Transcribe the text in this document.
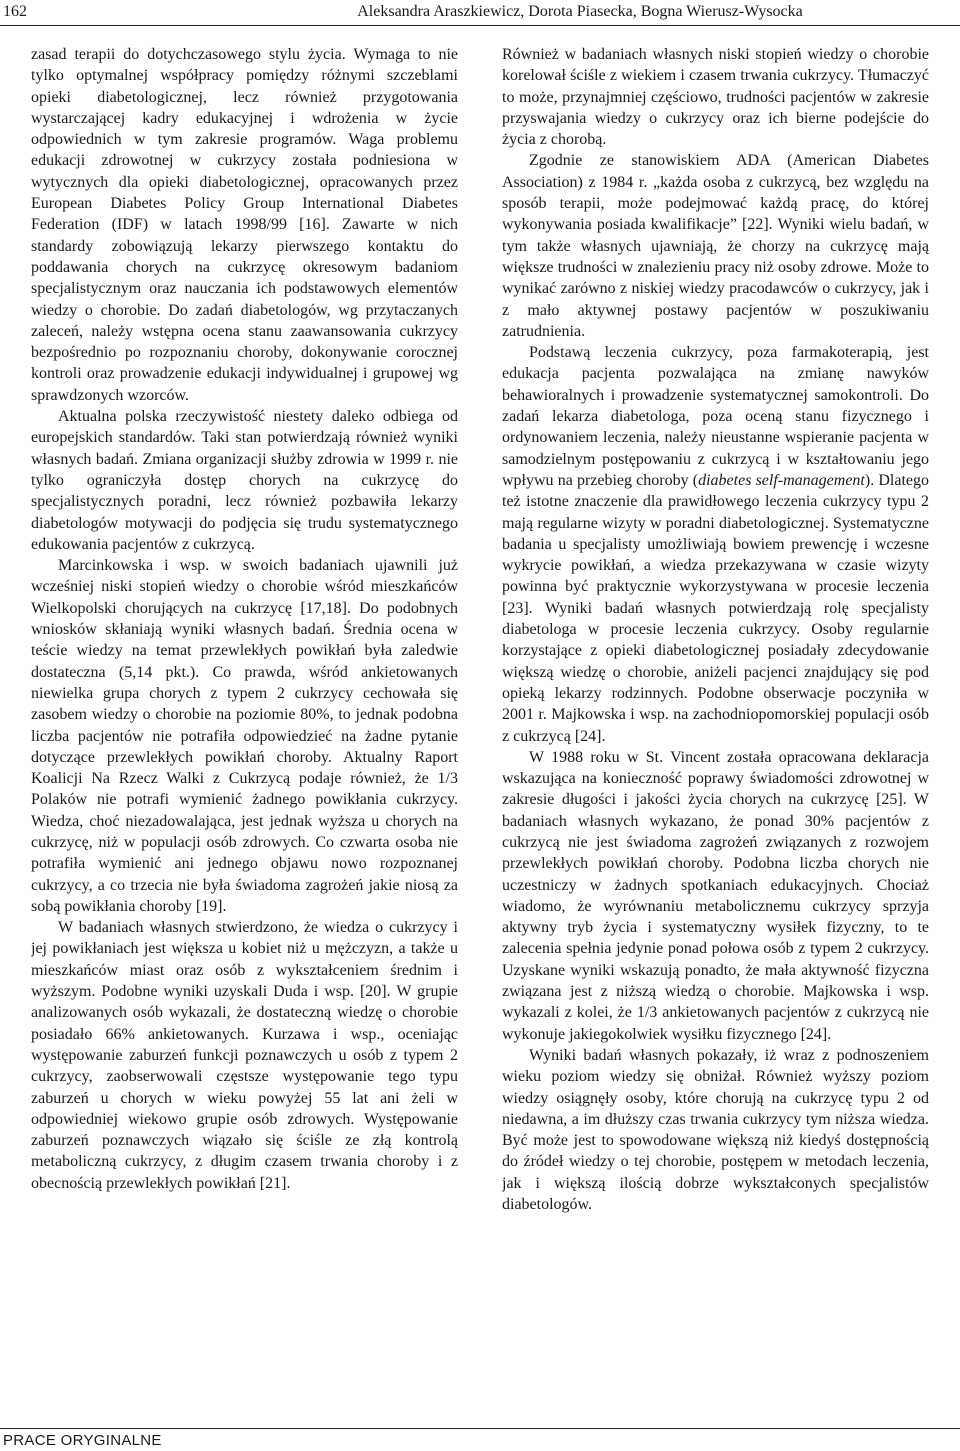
162	Aleksandra Araszkiewicz, Dorota Piasecka, Bogna Wierusz-Wysocka

zasad terapii do dotychczasowego stylu życia. Wymaga to nie tylko optymalnej współpracy pomiędzy różnymi szczeblami opieki diabetologicznej, lecz również przygotowania wystarczającej kadry edukacyjnej i wdrożenia w życie odpowiednich w tym zakresie programów. Waga problemu edukacji zdrowotnej w cukrzycy została podniesiona w wytycznych dla opieki diabetologicznej, opracowanych przez European Diabetes Policy Group International Diabetes Federation (IDF) w latach 1998/99 [16]. Zawarte w nich standardy zobowiązują lekarzy pierwszego kontaktu do poddawania chorych na cukrzycę okresowym badaniom specjalistycznym oraz nauczania ich podstawowych elementów wiedzy o chorobie. Do zadań diabetologów, wg przytaczanych zaleceń, należy wstępna ocena stanu zaawansowania cukrzycy bezpośrednio po rozpoznaniu choroby, dokonywanie corocznej kontroli oraz prowadzenie edukacji indywidualnej i grupowej wg sprawdzonych wzorców.

Aktualna polska rzeczywistość niestety daleko odbiega od europejskich standardów. Taki stan potwierdzają również wyniki własnych badań. Zmiana organizacji służby zdrowia w 1999 r. nie tylko ograniczyła dostęp chorych na cukrzycę do specjalistycznych poradni, lecz również pozbawiła lekarzy diabetologów motywacji do podjęcia się trudu systematycznego edukowania pacjentów z cukrzycą.

Marcinkowska i wsp. w swoich badaniach ujawnili już wcześniej niski stopień wiedzy o chorobie wśród mieszkańców Wielkopolski chorujących na cukrzycę [17,18]. Do podobnych wniosków skłaniają wyniki własnych badań. Średnia ocena w teście wiedzy na temat przewlekłych powikłań była zaledwie dostateczna (5,14 pkt.). Co prawda, wśród ankietowanych niewielka grupa chorych z typem 2 cukrzycy cechowała się zasobem wiedzy o chorobie na poziomie 80%, to jednak podobna liczba pacjentów nie potrafiła odpowiedzieć na żadne pytanie dotyczące przewlekłych powikłań choroby. Aktualny Raport Koalicji Na Rzecz Walki z Cukrzycą podaje również, że 1/3 Polaków nie potrafi wymienić żadnego powikłania cukrzycy. Wiedza, choć niezadowalająca, jest jednak wyższa u chorych na cukrzycę, niż w populacji osób zdrowych. Co czwarta osoba nie potrafiła wymienić ani jednego objawu nowo rozpoznanej cukrzycy, a co trzecia nie była świadoma zagrożeń jakie niosą za sobą powikłania choroby [19].

W badaniach własnych stwierdzono, że wiedza o cukrzycy i jej powikłaniach jest większa u kobiet niż u mężczyzn, a także u mieszkańców miast oraz osób z wykształceniem średnim i wyższym. Podobne wyniki uzyskali Duda i wsp. [20]. W grupie analizowanych osób wykazali, że dostateczną wiedzę o chorobie posiadało 66% ankietowanych. Kurzawa i wsp., oceniając występowanie zaburzeń funkcji poznawczych u osób z typem 2 cukrzycy, zaobserwowali częstsze występowanie tego typu zaburzeń u chorych w wieku powyżej 55 lat ani żeli w odpowiedniej wiekowo grupie osób zdrowych. Występowanie zaburzeń poznawczych wiązało się ściśle ze złą kontrolą metaboliczną cukrzycy, z długim czasem trwania choroby i z obecnością przewlekłych powikłań [21].

Również w badaniach własnych niski stopień wiedzy o chorobie korelował ściśle z wiekiem i czasem trwania cukrzycy. Tłumaczyć to może, przynajmniej częściowo, trudności pacjentów w zakresie przyswajania wiedzy o cukrzycy oraz ich bierne podejście do życia z chorobą.

Zgodnie ze stanowiskiem ADA (American Diabetes Association) z 1984 r. „każda osoba z cukrzycą, bez względu na sposób terapii, może podejmować każdą pracę, do której wykonywania posiada kwalifikacje” [22]. Wyniki wielu badań, w tym także własnych ujawniają, że chorzy na cukrzycę mają większe trudności w znalezieniu pracy niż osoby zdrowe. Może to wynikać zarówno z niskiej wiedzy pracodawców o cukrzycy, jak i z mało aktywnej postawy pacjentów w poszukiwaniu zatrudnienia.

Podstawą leczenia cukrzycy, poza farmakoterapią, jest edukacja pacjenta pozwalająca na zmianę nawyków behawioralnych i prowadzenie systematycznej samokontroli. Do zadań lekarza diabetologa, poza oceną stanu fizycznego i ordynowaniem leczenia, należy nieustanne wspieranie pacjenta w samodzielnym postępowaniu z cukrzycą i w kształtowaniu jego wpływu na przebieg choroby (diabetes self-management). Dlatego też istotne znaczenie dla prawidłowego leczenia cukrzycy typu 2 mają regularne wizyty w poradni diabetologicznej. Systematyczne badania u specjalisty umożliwiają bowiem prewencję i wczesne wykrycie powikłań, a wiedza przekazywana w czasie wizyty powinna być praktycznie wykorzystywana w procesie leczenia [23]. Wyniki badań własnych potwierdzają rolę specjalisty diabetologa w procesie leczenia cukrzycy. Osoby regularnie korzystające z opieki diabetologicznej posiadały zdecydowanie większą wiedzę o chorobie, aniżeli pacjenci znajdujący się pod opieką lekarzy rodzinnych. Podobne obserwacje poczyniła w 2001 r. Majkowska i wsp. na zachodniopomorskiej populacji osób z cukrzycą [24].

W 1988 roku w St. Vincent została opracowana deklaracja wskazująca na konieczność poprawy świadomości zdrowotnej w zakresie długości i jakości życia chorych na cukrzycę [25]. W badaniach własnych wykazano, że ponad 30% pacjentów z cukrzycą nie jest świadoma zagrożeń związanych z rozwojem przewlekłych powikłań choroby. Podobna liczba chorych nie uczestniczy w żadnych spotkaniach edukacyjnych. Chociaż wiadomo, że wyrównaniu metabolicznemu cukrzycy sprzyja aktywny tryb życia i systematyczny wysiłek fizyczny, to te zalecenia spełnia jedynie ponad połowa osób z typem 2 cukrzycy. Uzyskane wyniki wskazują ponadto, że mała aktywność fizyczna związana jest z niższą wiedzą o chorobie. Majkowska i wsp. wykazali z kolei, że 1/3 ankietowanych pacjentów z cukrzycą nie wykonuje jakiegokolwiek wysiłku fizycznego [24].

Wyniki badań własnych pokazały, iż wraz z podnoszeniem wieku poziom wiedzy się obniżał. Również wyższy poziom wiedzy osiągnęły osoby, które chorują na cukrzycę typu 2 od niedawna, a im dłuższy czas trwania cukrzycy tym niższa wiedza. Być może jest to spowodowane większą niż kiedyś dostępnością do źródeł wiedzy o tej chorobie, postępem w metodach leczenia, jak i większą ilością dobrze wykształconych specjalistów diabetologów.

PRACE ORYGINALNE
